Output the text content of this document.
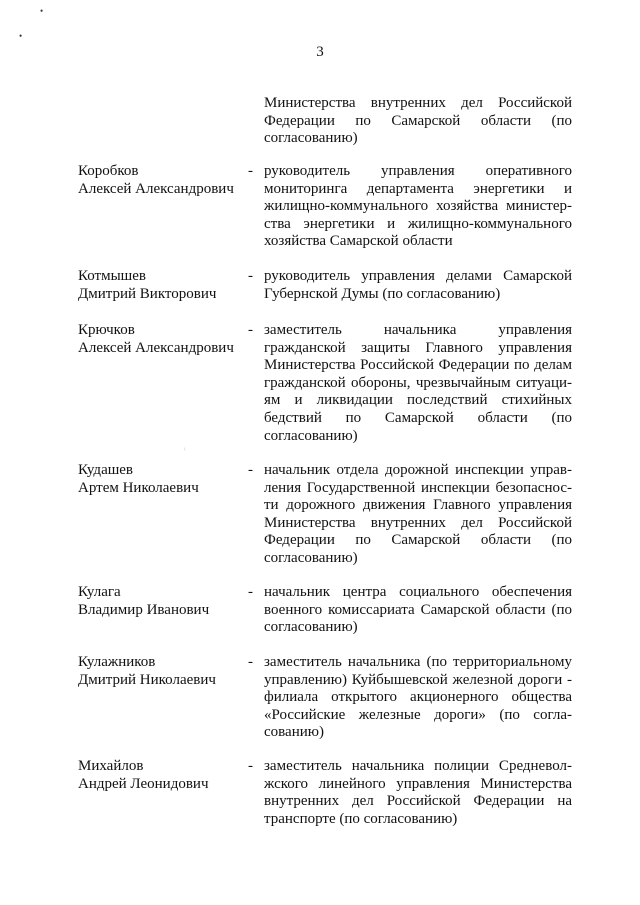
•
•
\
3

Министерства внутренних дел Российской Федерации по Самарской области (по согласованию)

Коробков
Алексей Александрович
- руководитель управления оперативного мониторинга департамента энергетики и жилищно-коммунального хозяйства министерства энергетики и жилищно-коммунального хозяйства Самарской области

Котмышев
Дмитрий Викторович
- руководитель управления делами Самарской Губернской Думы (по согласованию)

Крючков
Алексей Александрович
- заместитель начальника управления гражданской защиты Главного управления Министерства Российской Федерации по делам гражданской обороны, чрезвычайным ситуациям и ликвидации последствий стихийных бедствий по Самарской области (по согласованию)

Кудашев
Артем Николаевич
- начальник отдела дорожной инспекции управления Государственной инспекции безопасности дорожного движения Главного управления Министерства внутренних дел Российской Федерации по Самарской области (по согласованию)

Кулага
Владимир Иванович
- начальник центра социального обеспечения военного комиссариата Самарской области (по согласованию)

Кулажников
Дмитрий Николаевич
- заместитель начальника (по территориальному управлению) Куйбышевской железной дороги - филиала открытого акционерного общества «Российские железные дороги» (по согласованию)

Михайлов
Андрей Леонидович
- заместитель начальника полиции Средневолжского линейного управления Министерства внутренних дел Российской Федерации на транспорте (по согласованию)
